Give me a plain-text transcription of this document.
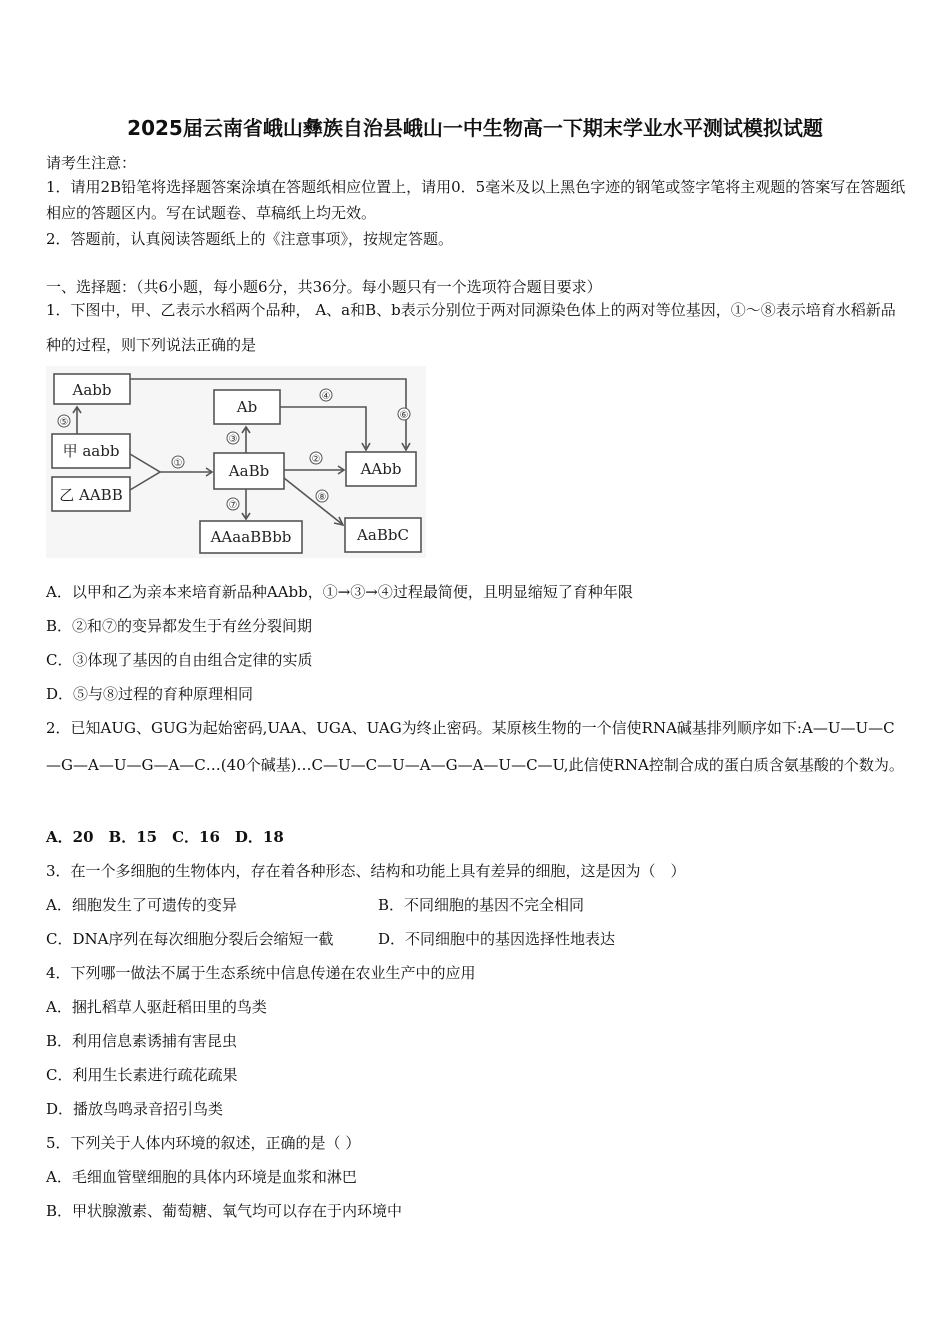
2025届云南省峨山彝族自治县峨山一中生物高一下期末学业水平测试模拟试题
请考生注意：
1．请用2B铅笔将选择题答案涂填在答题纸相应位置上，请用0．5毫米及以上黑色字迹的钢笔或签字笔将主观题的答案写在答题纸相应的答题区内。写在试题卷、草稿纸上均无效。
2．答题前，认真阅读答题纸上的《注意事项》，按规定答题。
一、选择题：（共6小题，每小题6分，共36分。每小题只有一个选项符合题目要求）
1．下图中，甲、乙表示水稻两个品种， A、a和B、b表示分别位于两对同源染色体上的两对等位基因，①～⑧表示培育水稻新品种的过程，则下列说法正确的是
Aabb
甲 aabb
乙 AABB
Ab
AaBb
AAaaBBbb
AAbb
AaBbC
⑤
⑥
①
③
④
②
⑦
⑧
A．以甲和乙为亲本来培育新品种AAbb，①→③→④过程最简便，且明显缩短了育种年限
B．②和⑦的变异都发生于有丝分裂间期
C．③体现了基因的自由组合定律的实质
D．⑤与⑧过程的育种原理相同
2．已知AUG、GUG为起始密码,UAA、UGA、UAG为终止密码。某原核生物的一个信使RNA碱基排列顺序如下:A—U—U—C—G—A—U—G—A—C…(40个碱基)…C—U—C—U—A—G—A—U—C—U,此信使RNA控制合成的蛋白质含氨基酸的个数为。
A．20　B．15　C．16　D．18
3．在一个多细胞的生物体内，存在着各种形态、结构和功能上具有差异的细胞，这是因为（　）
A．细胞发生了可遗传的变异	B．不同细胞的基因不完全相同
C．DNA序列在每次细胞分裂后会缩短一截	D．不同细胞中的基因选择性地表达
4．下列哪一做法不属于生态系统中信息传递在农业生产中的应用
A．捆扎稻草人驱赶稻田里的鸟类
B．利用信息素诱捕有害昆虫
C．利用生长素进行疏花疏果
D．播放鸟鸣录音招引鸟类
5．下列关于人体内环境的叙述，正确的是（ ）
A．毛细血管壁细胞的具体内环境是血浆和淋巴
B．甲状腺激素、葡萄糖、氧气均可以存在于内环境中
